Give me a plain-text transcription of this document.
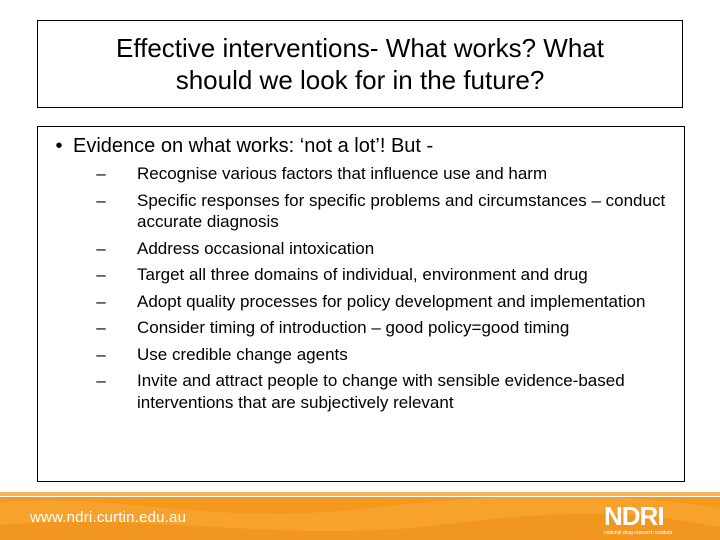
Effective interventions- What works? What
should we look for in the future?
• Evidence on what works: ‘not a lot’! But -
–	Recognise various factors that influence use and harm
–	Specific responses for specific problems and circumstances – conduct accurate diagnosis
–	Address occasional intoxication
–	Target all three domains of individual, environment and drug
–	Adopt quality processes for policy development and implementation
–	Consider timing of introduction – good policy=good timing
–	Use credible change agents
–	Invite and attract people to change with sensible evidence-based interventions that are subjectively relevant
www.ndri.curtin.edu.au	NDRI
national drug research institute
